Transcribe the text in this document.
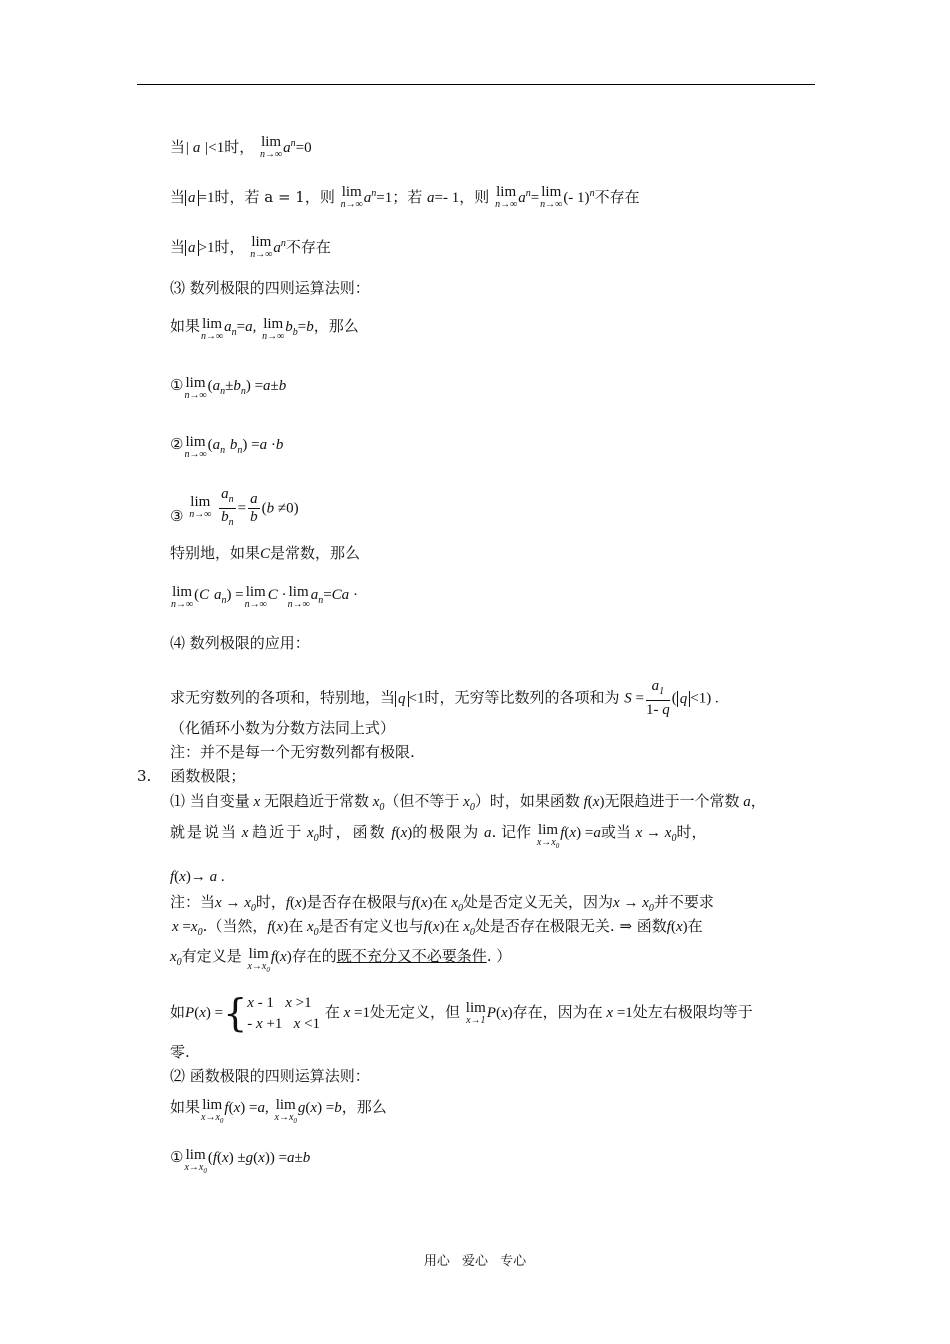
当| a |<1时， lim
n→∞ $a^n=0$
当 a =1时，若 a = 1，则 lim
n→∞ $a^n=1$；若 a=- 1，则 lim
n→∞ $a^n= \lim$
n→∞ (- 1)$^n$不存在
当 a >1时， lim
n→∞ $a^n$不存在
⑶ 数列极限的四则运算法则：
如果 lim
n→∞
$a_n=a$, lim
n→∞
$b_b=b$，那么
① lim
n→∞
$(a_n\pm b_n) =a\pm b$
② lim
n→∞
($a_n$ $b_n) =a \cdot b$
③
lim
n→∞
$\frac{a_n}{b_n} = \frac{a}{b} (b \ne 0)$
特别地，如果C是常数，那么
lim
n→∞
(C $a_n) = \lim$
n→∞
C · lim
n→∞
$a_n=Ca$ ·
⑷ 数列极限的应用：
求无穷数列的各项和，特别地，当 q <1时，无穷等比数列的各项和为 $S = \frac{a_1}{1- q}$ ( q <1) .
（化循环小数为分数方法同上式）
注：并不是每一个无穷数列都有极限.
3. 函数极限；
⑴ 当自变量 x 无限趋近于常数 $x_0$（但不等于 $x_0$）时，如果函数 f(x)无限趋进于一个常数 a，
就是说当 x 趋近于 $x_0$时，函数 f(x)的极限为 a. 记作 lim
$x\to x_0$
f(x) =a或当 $x \to x_0$时，
f(x)→ a .
注：当$x \to x_0$时，f(x)是否存在极限与f(x)在 $x_0$处是否定义无关，因为$x \to x_0$并不要求
$x =x_0$.（当然，f(x)在 $x_0$是否有定义也与f(x)在 $x_0$处是否存在极限无关. ⇒ 函数f(x)在
$x_0$有定义是 lim
$x\to x_0$
f(x)存在的既不充分又不必要条件. ）
如P(x) ={ x - 1   x >1
- x +1   x <1
在 x =1处无定义，但 lim
x→1 P(x)存在，因为在 x =1处左右极限均等于
零.
⑵ 函数极限的四则运算法则：
如果 lim
$x\to x_0$
f(x) =a, lim
$x\to x_0$
g(x) =b，那么
① lim
$x\to x_0$
(f(x) ±g(x)) =a±b
用心 爱心 专心
